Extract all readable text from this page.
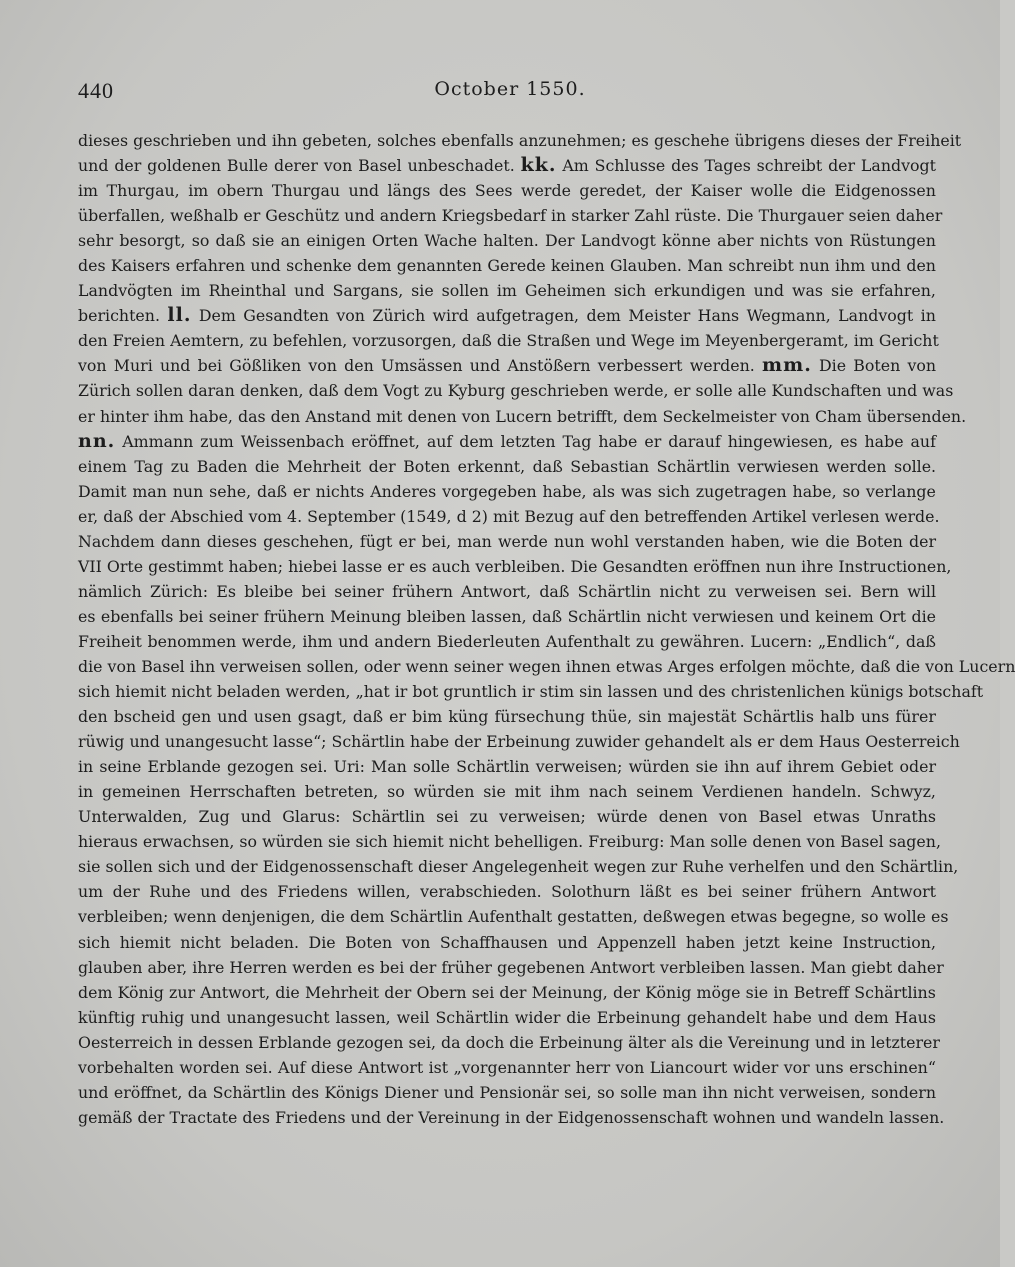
440	October 1550.
dieses geschrieben und ihn gebeten, solches ebenfalls anzunehmen; es geschehe übrigens dieses der Freiheit
und der goldenen Bulle derer von Basel unbeschadet. kk. Am Schlusse des Tages schreibt der Landvogt
im Thurgau, im obern Thurgau und längs des Sees werde geredet, der Kaiser wolle die Eidgenossen
überfallen, weßhalb er Geschütz und andern Kriegsbedarf in starker Zahl rüste. Die Thurgauer seien daher
sehr besorgt, so daß sie an einigen Orten Wache halten. Der Landvogt könne aber nichts von Rüstungen
des Kaisers erfahren und schenke dem genannten Gerede keinen Glauben. Man schreibt nun ihm und den
Landvögten im Rheinthal und Sargans, sie sollen im Geheimen sich erkundigen und was sie erfahren,
berichten. ll. Dem Gesandten von Zürich wird aufgetragen, dem Meister Hans Wegmann, Landvogt in
den Freien Aemtern, zu befehlen, vorzusorgen, daß die Straßen und Wege im Meyenbergeramt, im Gericht
von Muri und bei Gößliken von den Umsässen und Anstößern verbessert werden. mm. Die Boten von
Zürich sollen daran denken, daß dem Vogt zu Kyburg geschrieben werde, er solle alle Kundschaften und was
er hinter ihm habe, das den Anstand mit denen von Lucern betrifft, dem Seckelmeister von Cham übersenden.
nn. Ammann zum Weissenbach eröffnet, auf dem letzten Tag habe er darauf hingewiesen, es habe auf
einem Tag zu Baden die Mehrheit der Boten erkennt, daß Sebastian Schärtlin verwiesen werden solle.
Damit man nun sehe, daß er nichts Anderes vorgegeben habe, als was sich zugetragen habe, so verlange
er, daß der Abschied vom 4. September (1549, d 2) mit Bezug auf den betreffenden Artikel verlesen werde.
Nachdem dann dieses geschehen, fügt er bei, man werde nun wohl verstanden haben, wie die Boten der
VII Orte gestimmt haben; hiebei lasse er es auch verbleiben. Die Gesandten eröffnen nun ihre Instructionen,
nämlich Zürich: Es bleibe bei seiner frühern Antwort, daß Schärtlin nicht zu verweisen sei. Bern will
es ebenfalls bei seiner frühern Meinung bleiben lassen, daß Schärtlin nicht verwiesen und keinem Ort die
Freiheit benommen werde, ihm und andern Biederleuten Aufenthalt zu gewähren. Lucern: „Endlich“, daß
die von Basel ihn verweisen sollen, oder wenn seiner wegen ihnen etwas Arges erfolgen möchte, daß die von Lucern
sich hiemit nicht beladen werden, „hat ir bot gruntlich ir stim sin lassen und des christenlichen künigs botschaft
den bscheid gen und usen gsagt, daß er bim küng fürsechung thüe, sin majestät Schärtlis halb uns fürer
rüwig und unangesucht lasse“; Schärtlin habe der Erbeinung zuwider gehandelt als er dem Haus Oesterreich
in seine Erblande gezogen sei. Uri: Man solle Schärtlin verweisen; würden sie ihn auf ihrem Gebiet oder
in gemeinen Herrschaften betreten, so würden sie mit ihm nach seinem Verdienen handeln. Schwyz,
Unterwalden, Zug und Glarus: Schärtlin sei zu verweisen; würde denen von Basel etwas Unraths
hieraus erwachsen, so würden sie sich hiemit nicht behelligen. Freiburg: Man solle denen von Basel sagen,
sie sollen sich und der Eidgenossenschaft dieser Angelegenheit wegen zur Ruhe verhelfen und den Schärtlin,
um der Ruhe und des Friedens willen, verabschieden. Solothurn läßt es bei seiner frühern Antwort
verbleiben; wenn denjenigen, die dem Schärtlin Aufenthalt gestatten, deßwegen etwas begegne, so wolle es
sich hiemit nicht beladen. Die Boten von Schaffhausen und Appenzell haben jetzt keine Instruction,
glauben aber, ihre Herren werden es bei der früher gegebenen Antwort verbleiben lassen. Man giebt daher
dem König zur Antwort, die Mehrheit der Obern sei der Meinung, der König möge sie in Betreff Schärtlins
künftig ruhig und unangesucht lassen, weil Schärtlin wider die Erbeinung gehandelt habe und dem Haus
Oesterreich in dessen Erblande gezogen sei, da doch die Erbeinung älter als die Vereinung und in letzterer
vorbehalten worden sei. Auf diese Antwort ist „vorgenannter herr von Liancourt wider vor uns erschinen“
und eröffnet, da Schärtlin des Königs Diener und Pensionär sei, so solle man ihn nicht verweisen, sondern
gemäß der Tractate des Friedens und der Vereinung in der Eidgenossenschaft wohnen und wandeln lassen.
